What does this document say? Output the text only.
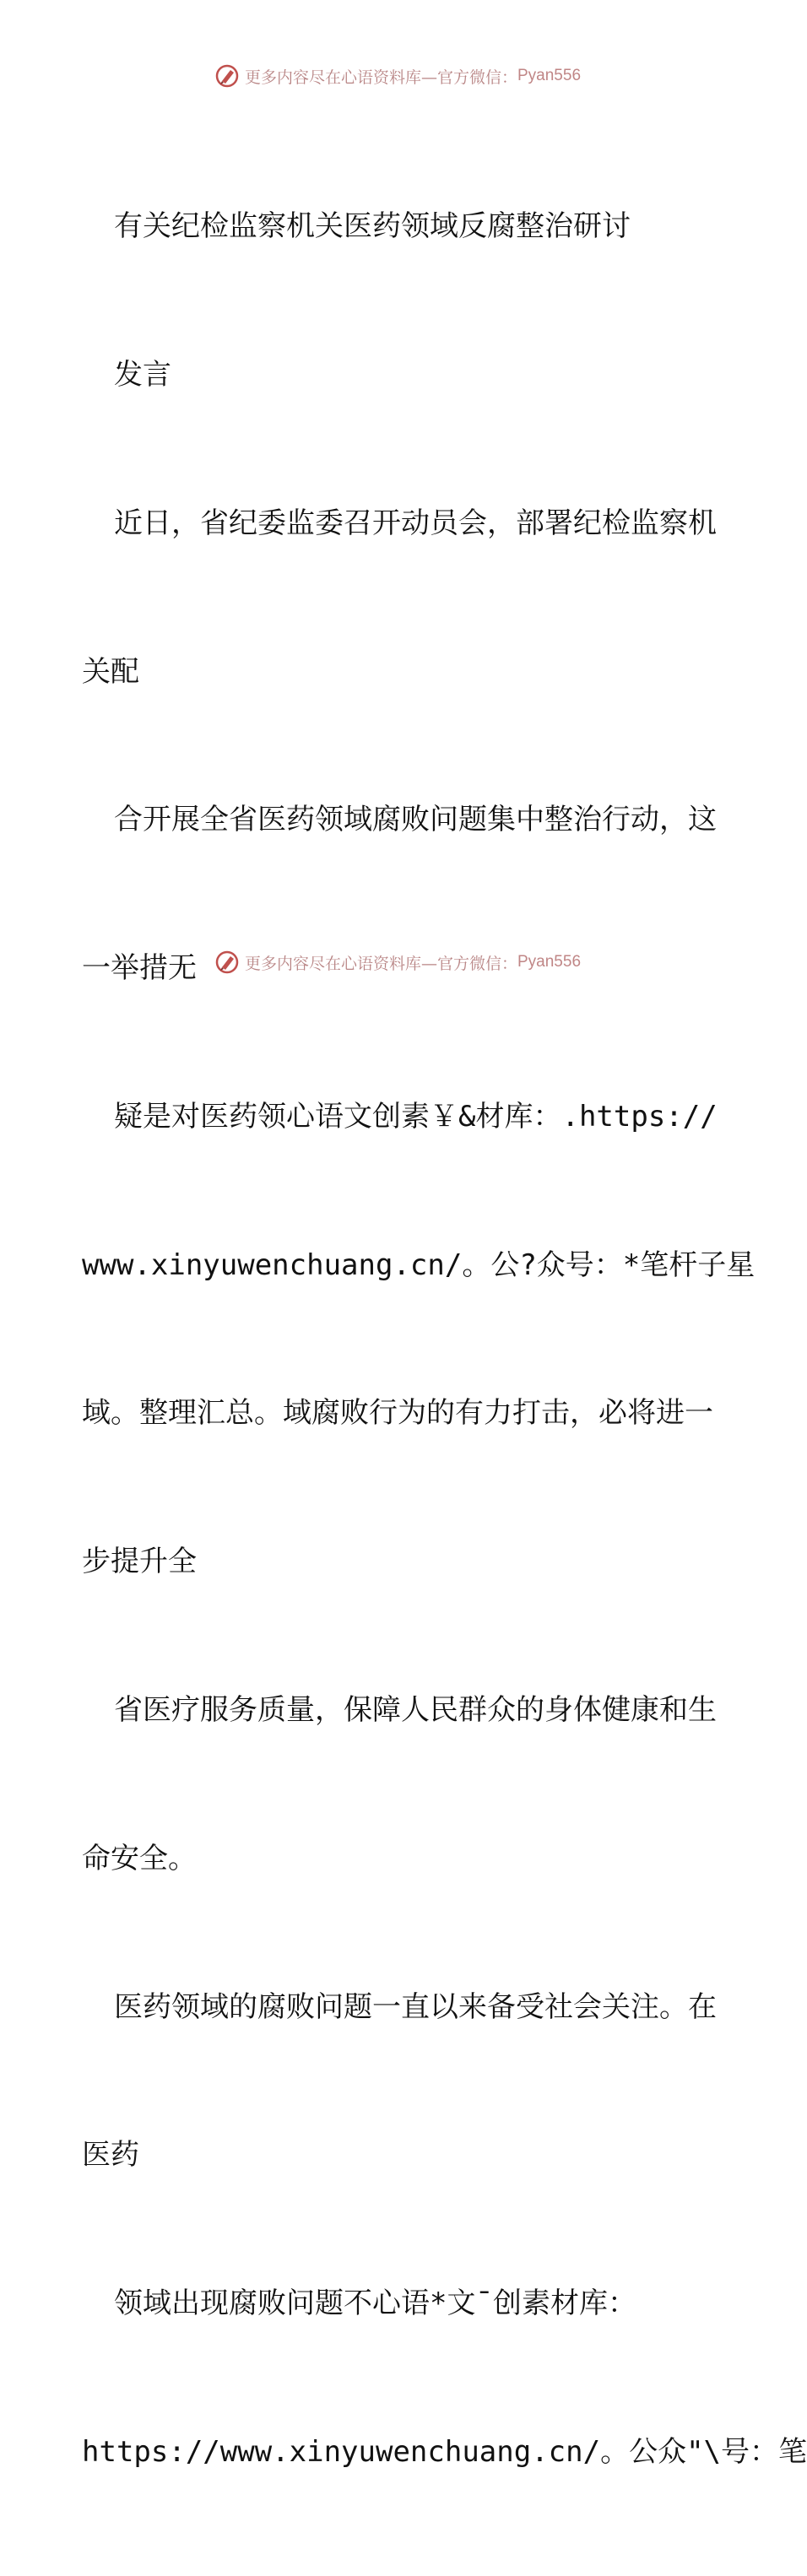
更多内容尽在心语资料库—官方微信： Pyan556

有关纪检监察机关医药领域反腐整治研讨

发言

近日，省纪委监委召开动员会，部署纪检监察机

关配

合开展全省医药领域腐败问题集中整治行动，这

一举措无

疑是对医药领心语文创素￥&材库：.https://

www.xinyuwenchuang.cn/。公?众号：*笔杆子星

域。整理汇总。域腐败行为的有力打击，必将进一

步提升全

省医疗服务质量，保障人民群众的身体健康和生

命安全。

医药领域的腐败问题一直以来备受社会关注。在

医药

领域出现腐败问题不心语*文¯创素材库：

https://www.xinyuwenchuang.cn/。公众"\号：笔

更多内容尽在心语资料库—官方微信： Pyan556
